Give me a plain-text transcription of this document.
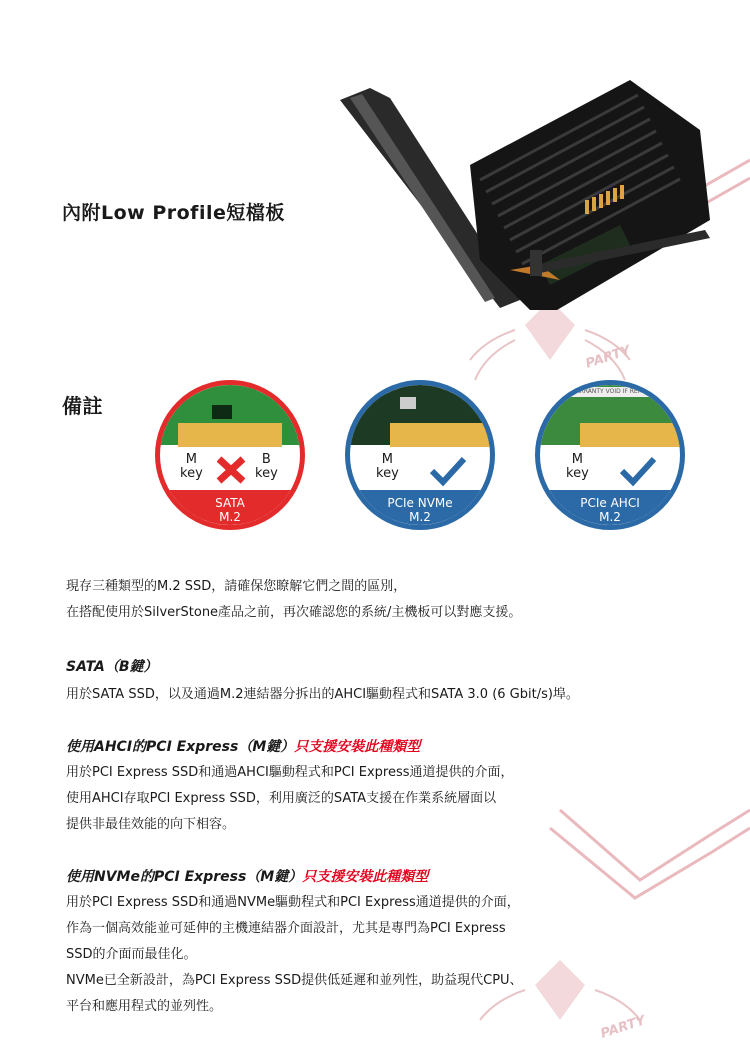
PARTY
PARTY
內附Low Profile短檔板
備註
M
key
B
key
SATA
M.2
M
key
PCIe NVMe
M.2
WARRANTY VOID IF REMOVED
M
key
PCIe AHCI
M.2
現存三種類型的M.2 SSD，請確保您瞭解它們之間的區別，
在搭配使用於SilverStone產品之前，再次確認您的系統/主機板可以對應支援。
SATA（B鍵）
用於SATA SSD，以及通過M.2連結器分拆出的AHCI驅動程式和SATA 3.0 (6 Gbit/s)埠。
使用AHCI的PCI Express（M鍵）只支援安裝此種類型
用於PCI Express SSD和通過AHCI驅動程式和PCI Express通道提供的介面，
使用AHCI存取PCI Express SSD，利用廣泛的SATA支援在作業系統層面以
提供非最佳效能的向下相容。
使用NVMe的PCI Express（M鍵）只支援安裝此種類型
用於PCI Express SSD和通過NVMe驅動程式和PCI Express通道提供的介面，
作為一個高效能並可延伸的主機連結器介面設計，尤其是專門為PCI Express
SSD的介面而最佳化。
NVMe已全新設計，為PCI Express SSD提供低延遲和並列性，助益現代CPU、
平台和應用程式的並列性。
